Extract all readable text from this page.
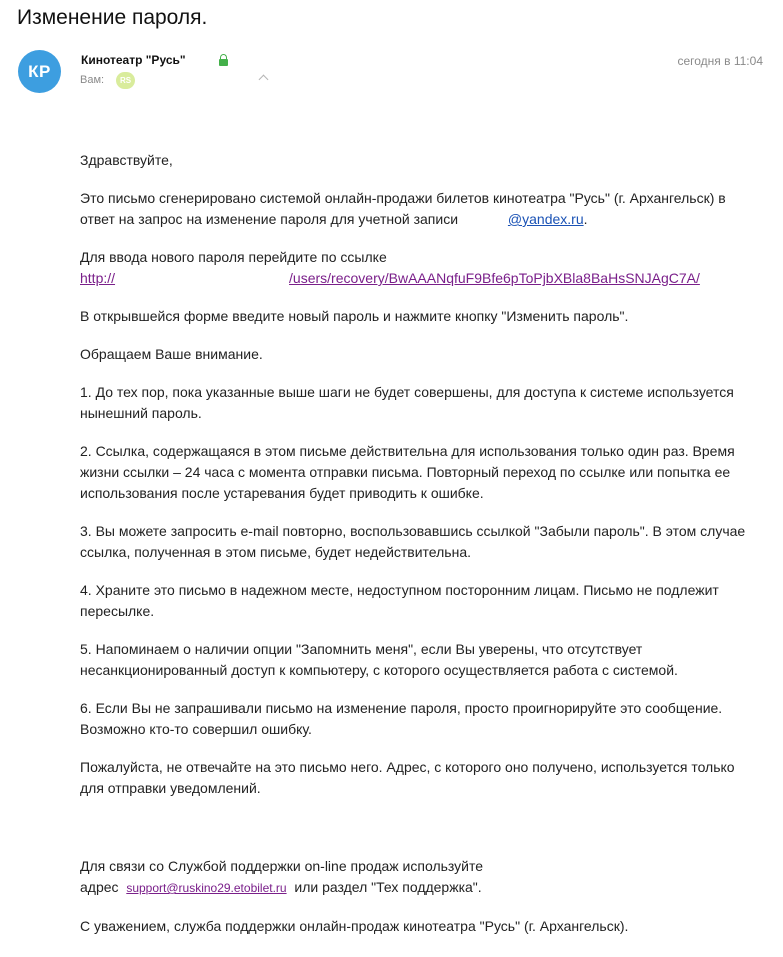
Изменение пароля.
КР
Кинотеатр "Русь"
Вам:	RS
сегодня в 11:04

Здравствуйте,

Это письмо сгенерировано системой онлайн-продажи билетов кинотеатра "Русь" (г. Архангельск) в ответ на запрос на изменение пароля для учетной записи	@yandex.ru.

Для ввода нового пароля перейдите по ссылке
http://	/users/recovery/BwAAANqfuF9Bfe6pToPjbXBla8BaHsSNJAgC7A/

В открывшейся форме введите новый пароль и нажмите кнопку "Изменить пароль".

Обращаем Ваше внимание.

1. До тех пор, пока указанные выше шаги не будет совершены, для доступа к системе используется нынешний пароль.

2. Ссылка, содержащаяся в этом письме действительна для использования только один раз. Время жизни ссылки – 24 часа с момента отправки письма. Повторный переход по ссылке или попытка ее использования после устаревания будет приводить к ошибке.

3. Вы можете запросить e-mail повторно, воспользовавшись ссылкой "Забыли пароль". В этом случае ссылка, полученная в этом письме, будет недействительна.

4. Храните это письмо в надежном месте, недоступном посторонним лицам. Письмо не подлежит пересылке.

5. Напоминаем о наличии опции "Запомнить меня", если Вы уверены, что отсутствует несанкционированный доступ к компьютеру, с которого осуществляется работа с системой.

6. Если Вы не запрашивали письмо на изменение пароля, просто проигнорируйте это сообщение. Возможно кто-то совершил ошибку.

Пожалуйста, не отвечайте на это письмо него. Адрес, с которого оно получено, используется только для отправки уведомлений.

Для связи со Службой поддержки on-line продаж используйте
адрес support@ruskino29.etobilet.ru или раздел "Тех поддержка".

С уважением, служба поддержки онлайн-продаж кинотеатра "Русь" (г. Архангельск).
